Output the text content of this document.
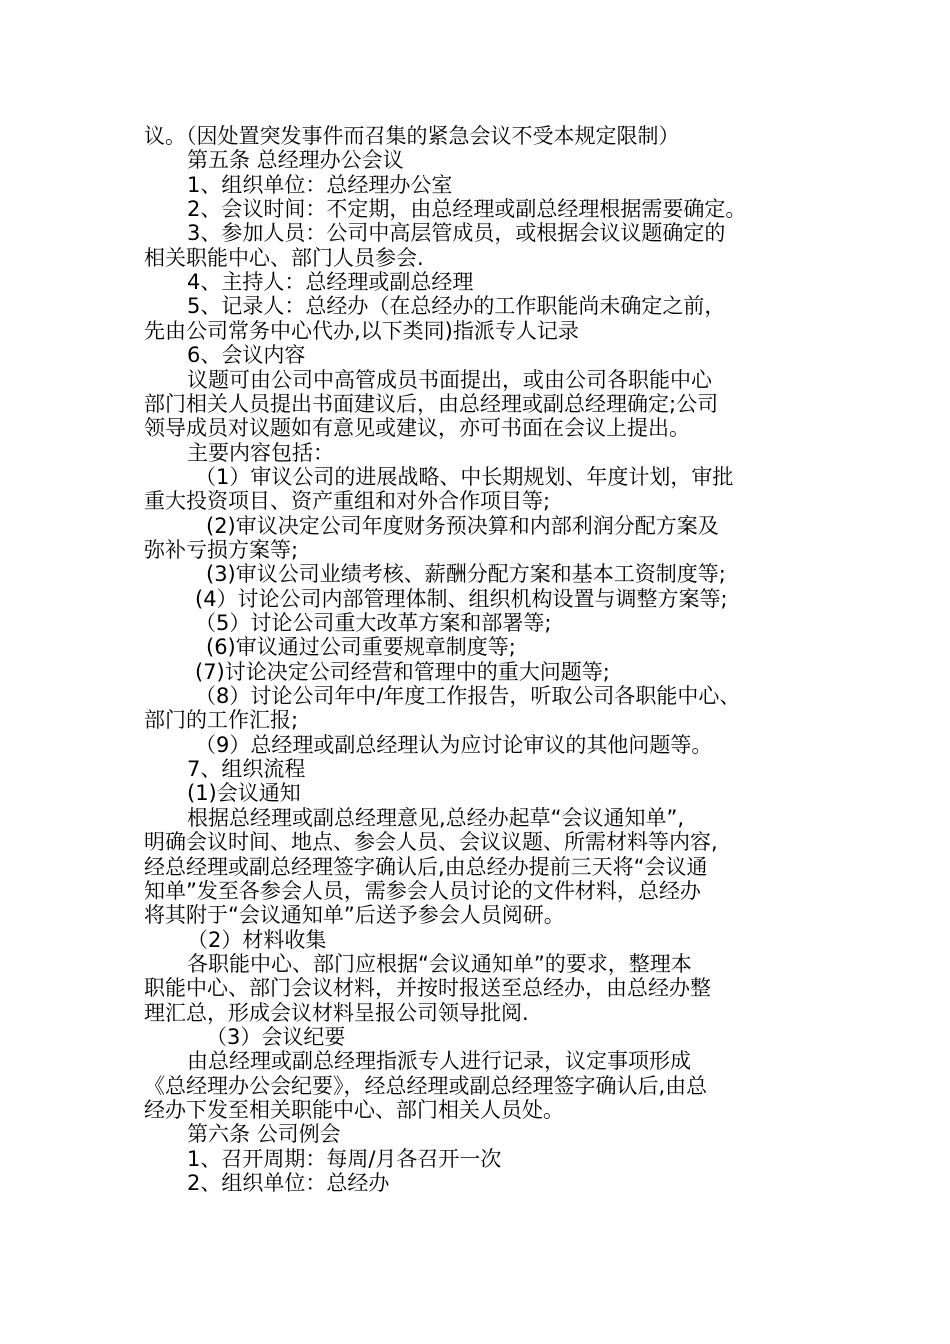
议。（因处置突发事件而召集的紧急会议不受本规定限制）
第五条 总经理办公会议
1、组织单位：总经理办公室
2、会议时间：不定期，由总经理或副总经理根据需要确定。
3、参加人员：公司中高层管成员，或根据会议议题确定的
相关职能中心、部门人员参会.
4、主持人：总经理或副总经理
5、记录人：总经办（在总经办的工作职能尚未确定之前，
先由公司常务中心代办,以下类同)指派专人记录
6、会议内容
议题可由公司中高管成员书面提出，或由公司各职能中心
部门相关人员提出书面建议后，由总经理或副总经理确定;公司
领导成员对议题如有意见或建议，亦可书面在会议上提出。
主要内容包括：
（1）审议公司的进展战略、中长期规划、年度计划，审批
重大投资项目、资产重组和对外合作项目等;
(2)审议决定公司年度财务预决算和内部利润分配方案及
弥补亏损方案等;
(3)审议公司业绩考核、薪酬分配方案和基本工资制度等;
(4）讨论公司内部管理体制、组织机构设置与调整方案等;
（5）讨论公司重大改革方案和部署等;
(6)审议通过公司重要规章制度等;
(7)讨论决定公司经营和管理中的重大问题等;
（8）讨论公司年中/年度工作报告，听取公司各职能中心、
部门的工作汇报;
（9）总经理或副总经理认为应讨论审议的其他问题等。
7、组织流程
(1)会议通知
根据总经理或副总经理意见,总经办起草“会议通知单”,
明确会议时间、地点、参会人员、会议议题、所需材料等内容,
经总经理或副总经理签字确认后,由总经办提前三天将“会议通
知单”发至各参会人员，需参会人员讨论的文件材料，总经办
将其附于“会议通知单”后送予参会人员阅研。
（2）材料收集
各职能中心、部门应根据“会议通知单”的要求，整理本
职能中心、部门会议材料，并按时报送至总经办，由总经办整
理汇总，形成会议材料呈报公司领导批阅.
（3）会议纪要
由总经理或副总经理指派专人进行记录，议定事项形成
《总经理办公会纪要》，经总经理或副总经理签字确认后,由总
经办下发至相关职能中心、部门相关人员处。
第六条 公司例会
1、召开周期：每周/月各召开一次
2、组织单位：总经办
